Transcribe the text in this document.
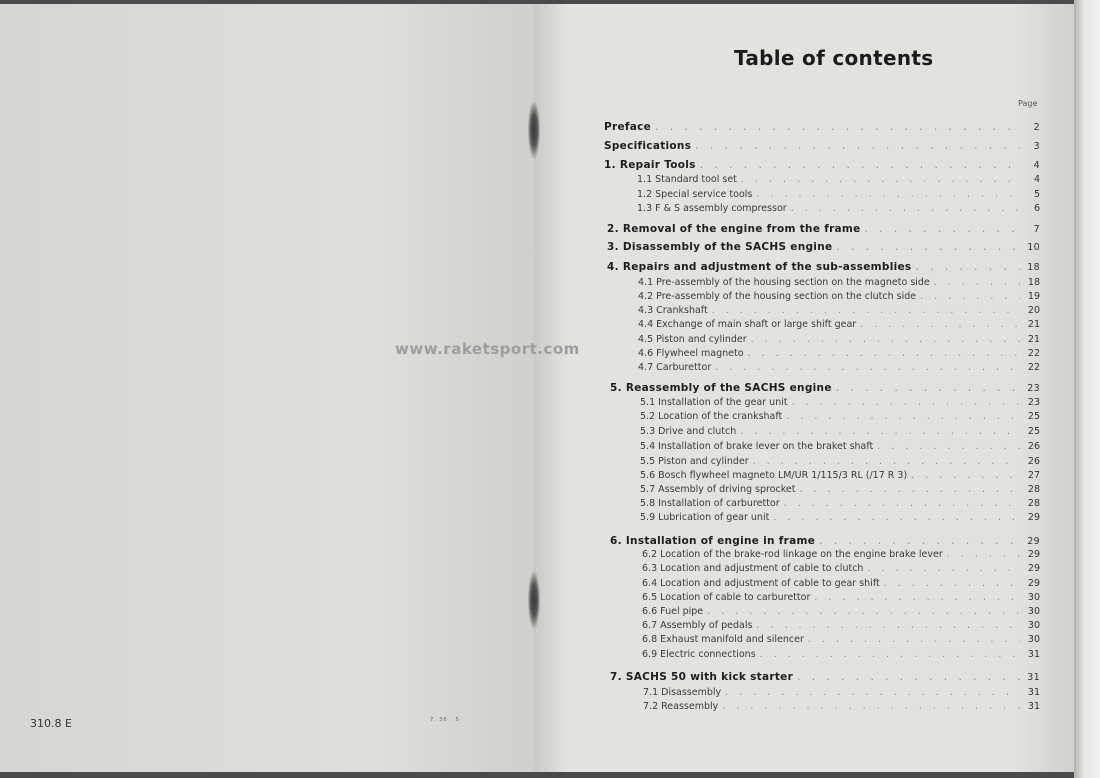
310.8 E	7. 36 . 5
www.raketsport.com
Table of contents
Page
Preface . . .	2
Specifications . . .	3
1. Repair Tools . . .	4
1.1 Standard tool set . . .	4
1.2 Special service tools . . .	5
1.3 F & S assembly compressor . . .	6
2. Removal of the engine from the frame . . .	7
3. Disassembly of the SACHS engine . . .	10
4. Repairs and adjustment of the sub-assemblies . . .	18
4.1 Pre-assembly of the housing section on the magneto side . . .	18
4.2 Pre-assembly of the housing section on the clutch side . . .	19
4.3 Crankshaft . . .	20
4.4 Exchange of main shaft or large shift gear . . .	21
4.5 Piston and cylinder . . .	21
4.6 Flywheel magneto . . .	22
4.7 Carburettor . . .	22
5. Reassembly of the SACHS engine . . .	23
5.1 Installation of the gear unit . . .	23
5.2 Location of the crankshaft . . .	25
5.3 Drive and clutch . . .	25
5.4 Installation of brake lever on the braket shaft . . .	26
5.5 Piston and cylinder . . .	26
5.6 Bosch flywheel magneto LM/UR 1/115/3 RL (/17 R 3) . . .	27
5.7 Assembly of driving sprocket . . .	28
5.8 Installation of carburettor . . .	28
5.9 Lubrication of gear unit . . .	29
6. Installation of engine in frame . . .	29
6.2 Location of the brake-rod linkage on the engine brake lever . . .	29
6.3 Location and adjustment of cable to clutch . . .	29
6.4 Location and adjustment of cable to gear shift . . .	29
6.5 Location of cable to carburettor . . .	30
6.6 Fuel pipe . . .	30
6.7 Assembly of pedals . . .	30
6.8 Exhaust manifold and silencer . . .	30
6.9 Electric connections . . .	31
7. SACHS 50 with kick starter . . .	31
7.1 Disassembly . . .	31
7.2 Reassembly . . .	31
